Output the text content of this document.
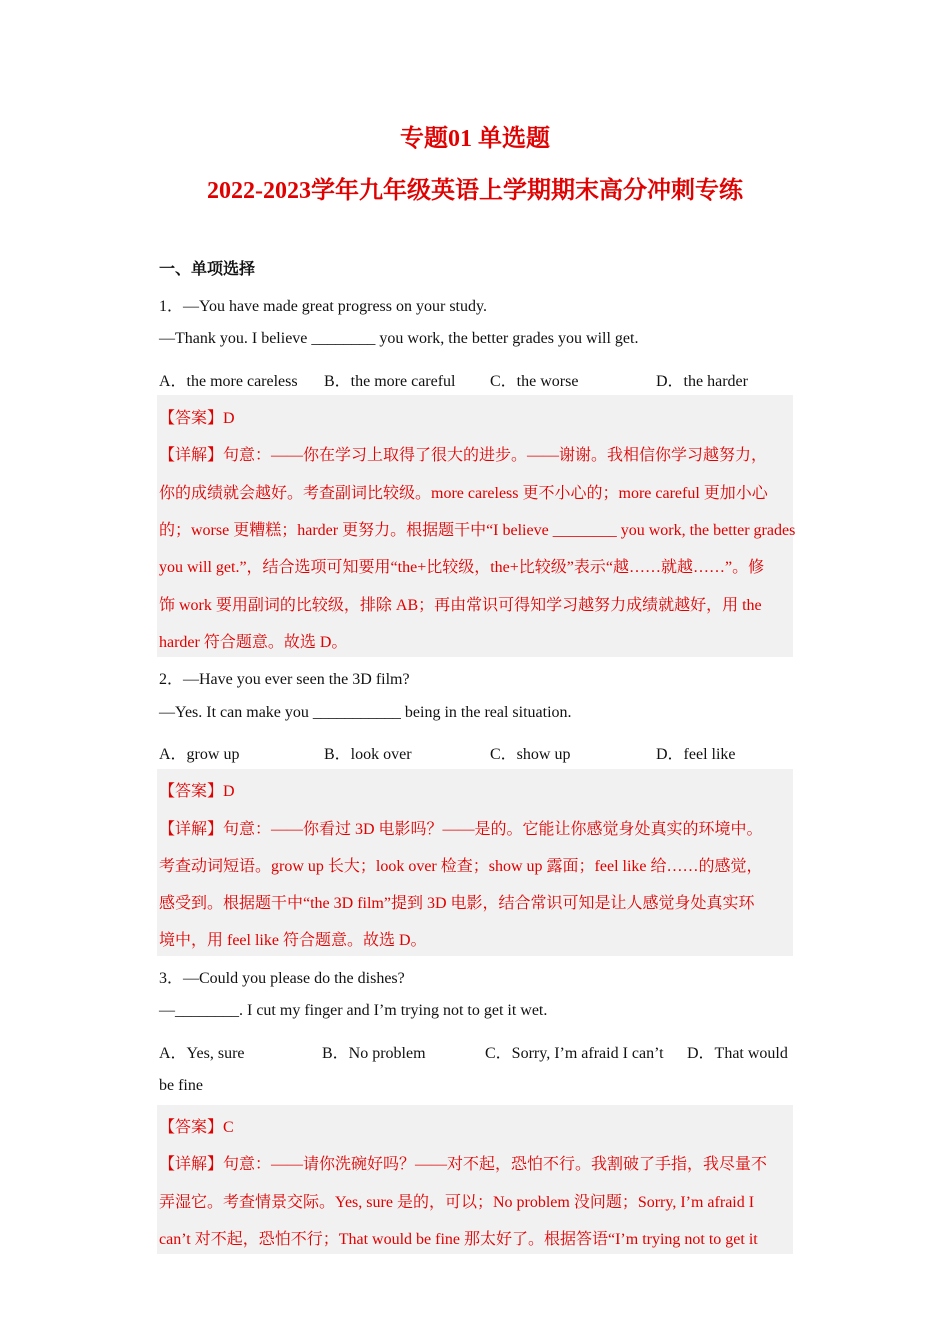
专题01 单选题
2022-2023学年九年级英语上学期期末高分冲刺专练
一、单项选择
1．—You have made great progress on your study.
—Thank you. I believe ________ you work, the better grades you will get.
A．the more careless B．the more careful C．the worse	D．the harder
【答案】D
【详解】句意：——你在学习上取得了很大的进步。——谢谢。我相信你学习越努力，
你的成绩就会越好。考查副词比较级。more careless 更不小心的；more careful 更加小心
的；worse 更糟糕；harder 更努力。根据题干中“I believe ________ you work, the better grades
you will get.”，结合选项可知要用“the+比较级，the+比较级”表示“越……就越……”。修
饰 work 要用副词的比较级，排除 AB；再由常识可得知学习越努力成绩就越好，用 the
harder 符合题意。故选 D。
2．—Have you ever seen the 3D film?
—Yes. It can make you ___________ being in the real situation.
A．grow up	B．look over	C．show up	D．feel like
【答案】D
【详解】句意：——你看过 3D 电影吗？——是的。它能让你感觉身处真实的环境中。
考查动词短语。grow up 长大；look over 检查；show up 露面；feel like 给……的感觉，
感受到。根据题干中“the 3D film”提到 3D 电影，结合常识可知是让人感觉身处真实环
境中，用 feel like 符合题意。故选 D。
3．—Could you please do the dishes?
—________. I cut my finger and I’m trying not to get it wet.
A．Yes, sure	B．No problem	C．Sorry, I’m afraid I can’t D．That would
be fine
【答案】C
【详解】句意：——请你洗碗好吗？——对不起，恐怕不行。我割破了手指，我尽量不
弄湿它。考查情景交际。Yes, sure 是的，可以；No problem 没问题；Sorry, I’m afraid I
can’t 对不起，恐怕不行；That would be fine 那太好了。根据答语“I’m trying not to get it
